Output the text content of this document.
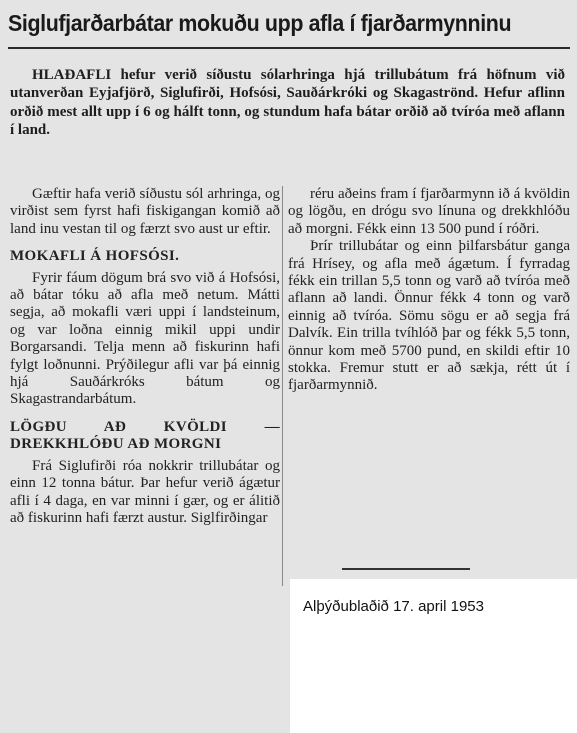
Siglufjarðarbátar mokuðu upp afla í fjarðarmynninu

HLAÐAFLI hefur verið síðustu sólarhringa hjá trillubátum frá höfnum við utanverðan Eyjafjörð, Siglufirði, Hofsósi, Sauðárkróki og Skagaströnd. Hefur aflinn orðið mest allt upp í 6 og hálft tonn, og stundum hafa bátar orðið að tvíróa með aflann í land.

Gæftir hafa verið síðustu sól arhringa, og virðist sem fyrst hafi fiskigangan komið að land inu vestan til og færzt svo aust ur eftir.

MOKAFLI Á HOFSÓSI.

Fyrir fáum dögum brá svo við á Hofsósi, að bátar tóku að afla með netum. Mátti segja, að mokafli væri uppi í landsteinum, og var loðna einnig mikil uppi undir Borgarsandi. Telja menn að fiskurinn hafi fylgt loðnunni. Prýðilegur afli var þá einnig hjá Sauðárkróks bátum og Skagastrandarbátum.

LÖGÐU AÐ KVÖLDI — DREKKHLÓÐU AÐ MORGNI

Frá Siglufirði róa nokkrir trillubátar og einn 12 tonna bátur. Þar hefur verið ágætur afli í 4 daga, en var minni í gær, og er álitið að fiskurinn hafi færzt austur. Siglfirðingar

réru aðeins fram í fjarðarmynn ið á kvöldin og lögðu, en drógu svo línuna og drekkhlóðu að morgni. Fékk einn 13 500 pund í róðri.

Þrír trillubátar og einn þilfarsbátur ganga frá Hrísey, og afla með ágætum. Í fyrradag fékk ein trillan 5,5 tonn og varð að tvíróa með aflann að landi. Önnur fékk 4 tonn og varð einnig að tvíróa. Sömu sögu er að segja frá Dalvík. Ein trilla tvíhlóð þar og fékk 5,5 tonn, önnur kom með 5700 pund, en skildi eftir 10 stokka. Fremur stutt er að sækja, rétt út í fjarðarmynnið.

Alþýðublaðið 17. april 1953
